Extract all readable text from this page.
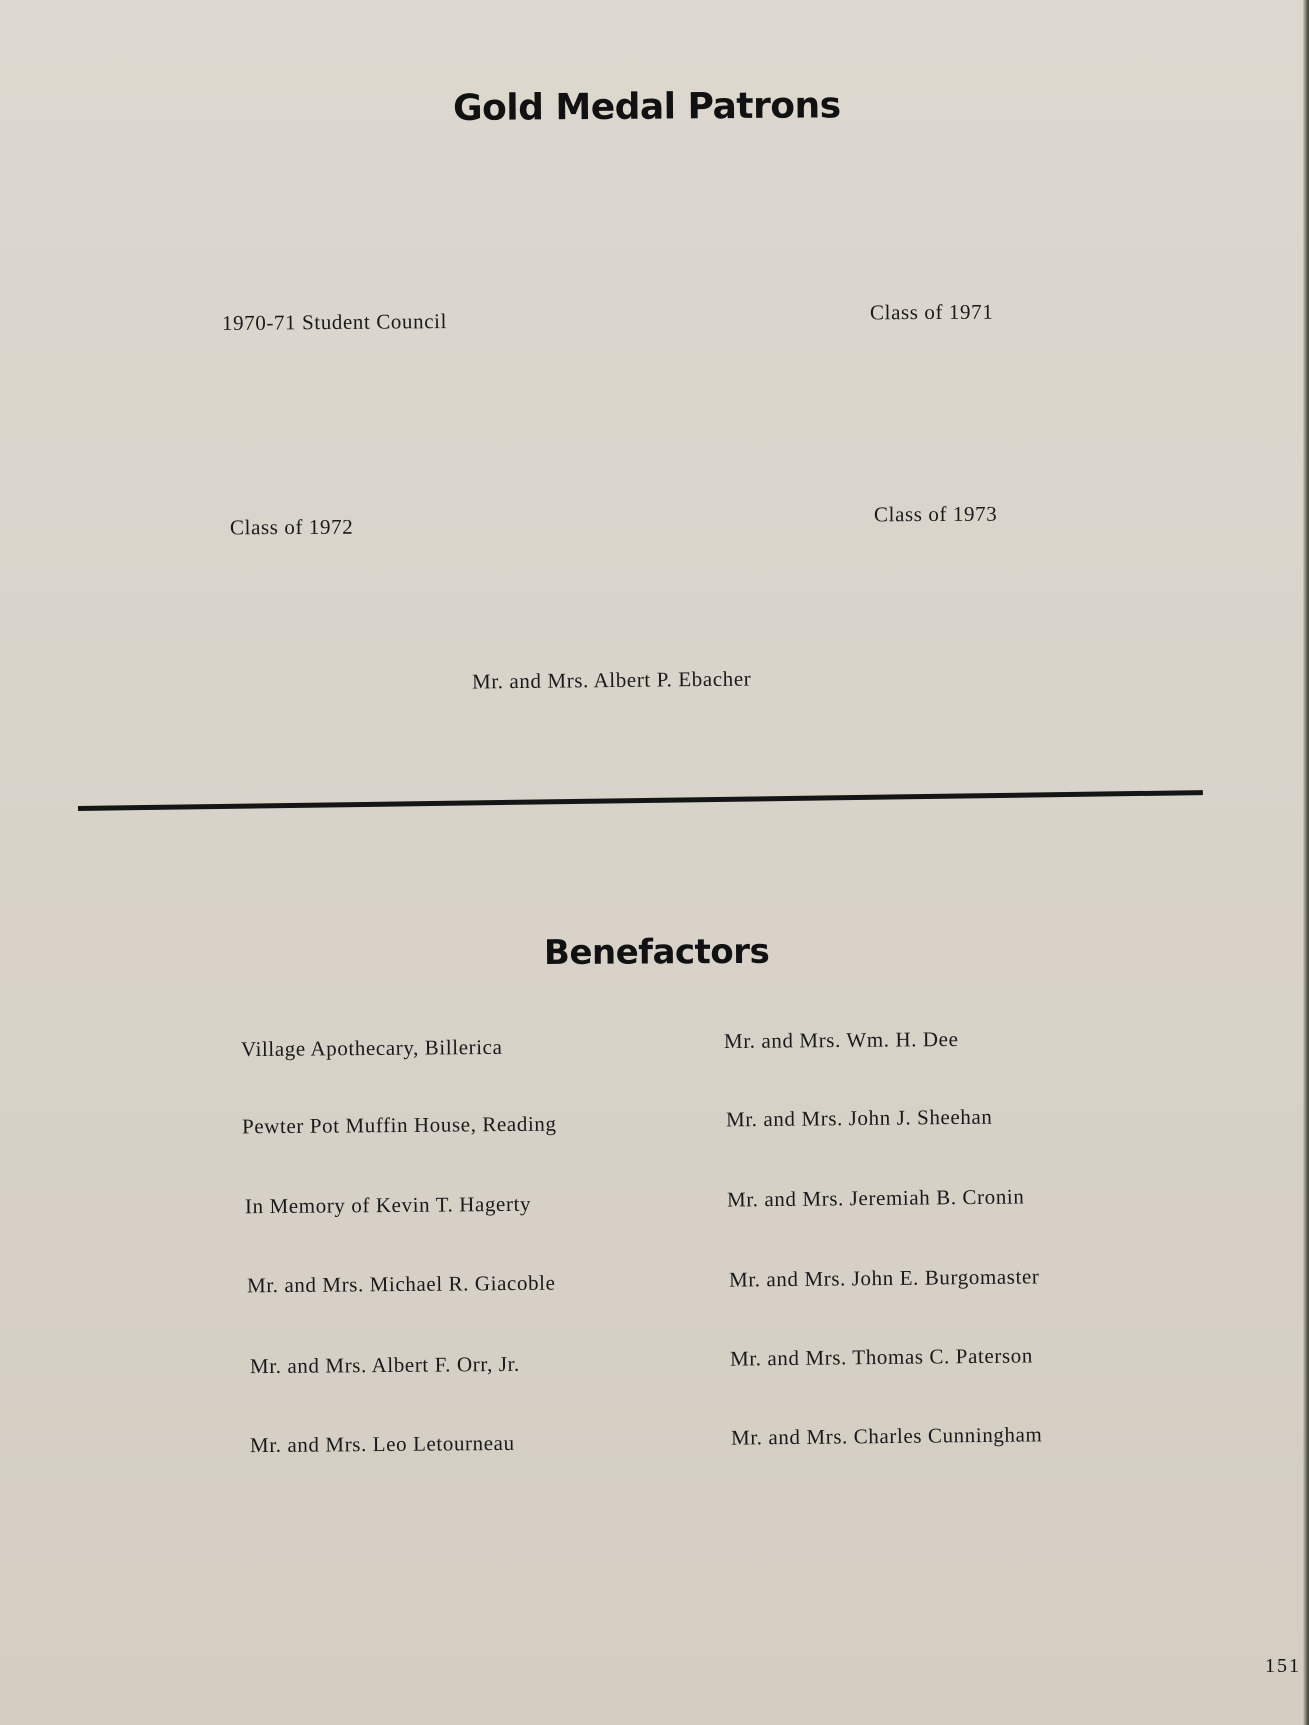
Gold Medal Patrons
1970-71 Student Council	Class of 1971
Class of 1972
Class of 1973
Mr. and Mrs. Albert P. Ebacher
Benefactors
Village Apothecary, Billerica
Pewter Pot Muffin House, Reading
In Memory of Kevin T. Hagerty
Mr. and Mrs. Michael R. Giacoble
Mr. and Mrs. Albert F. Orr, Jr.
Mr. and Mrs. Leo Letourneau
Mr. and Mrs. Wm. H. Dee
Mr. and Mrs. John J. Sheehan
Mr. and Mrs. Jeremiah B. Cronin
Mr. and Mrs. John E. Burgomaster
Mr. and Mrs. Thomas C. Paterson
Mr. and Mrs. Charles Cunningham
151
